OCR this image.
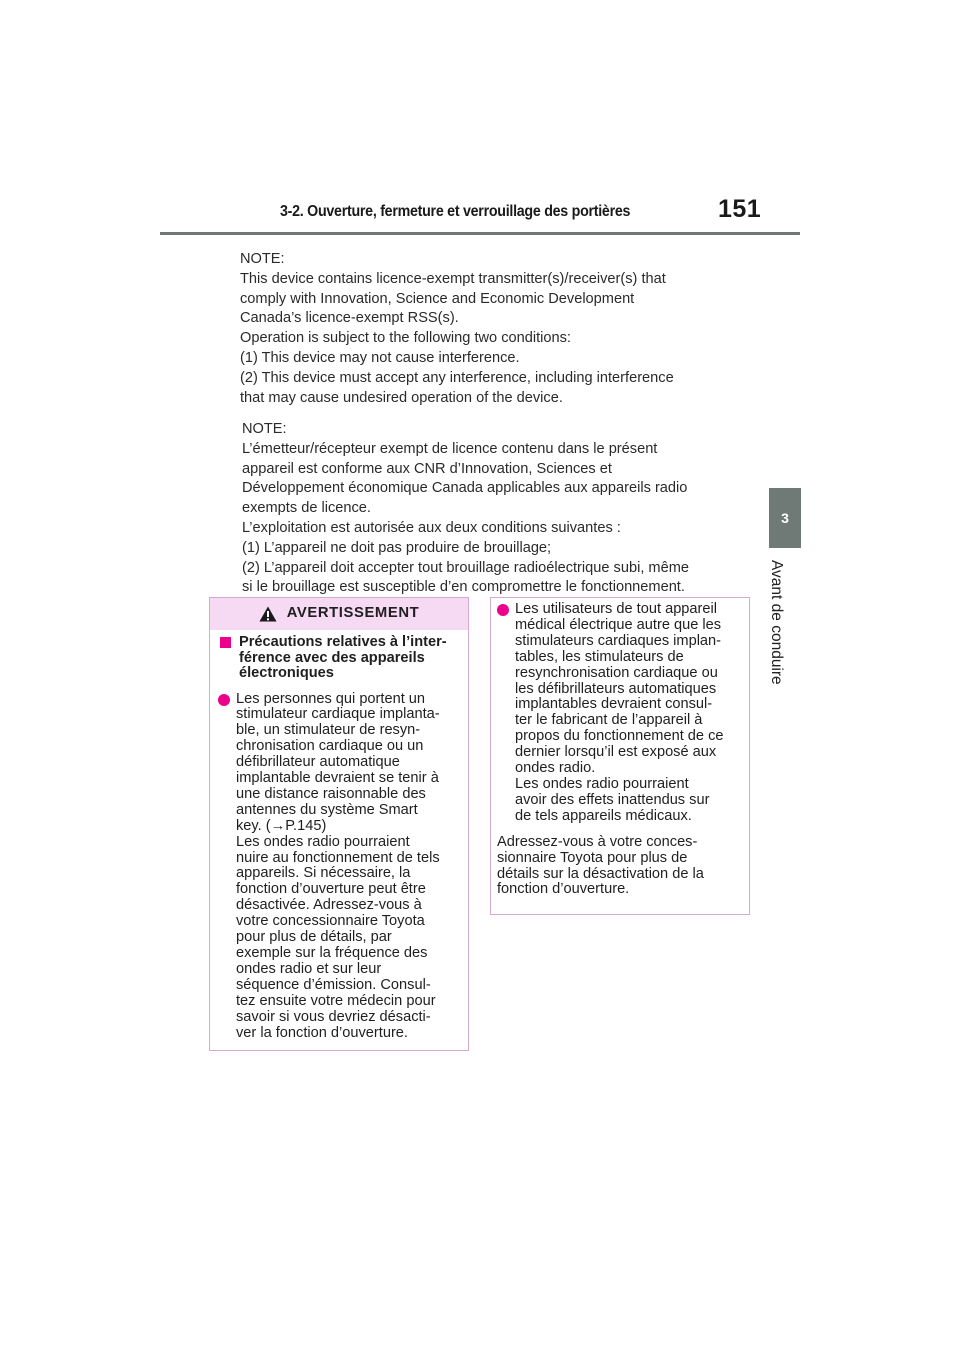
3-2. Ouverture, fermeture et verrouillage des portières	151
3
Avant de conduire

NOTE:

This device contains licence-exempt transmitter(s)/receiver(s) that

comply with Innovation, Science and Economic Development

Canada’s licence-exempt RSS(s).

Operation is subject to the following two conditions:

(1) This device may not cause interference.

(2) This device must accept any interference, including interference

that may cause undesired operation of the device.

NOTE:

L’émetteur/récepteur exempt de licence contenu dans le présent

appareil est conforme aux CNR d’Innovation, Sciences et

Développement économique Canada applicables aux appareils radio

exempts de licence.

L’exploitation est autorisée aux deux conditions suivantes :

(1) L’appareil ne doit pas produire de brouillage;

(2) L’appareil doit accepter tout brouillage radioélectrique subi, même

si le brouillage est susceptible d’en compromettre le fonctionnement.

AVERTISSEMENT
Précautions relatives à l’inter-
férence avec des appareils
électroniques
Les personnes qui portent un
stimulateur cardiaque implanta-
ble, un stimulateur de resyn-
chronisation cardiaque ou un
défibrillateur automatique
implantable devraient se tenir à
une distance raisonnable des
antennes du système Smart
key. (→P.145)
Les ondes radio pourraient
nuire au fonctionnement de tels
appareils. Si nécessaire, la
fonction d’ouverture peut être
désactivée. Adressez-vous à
votre concessionnaire Toyota
pour plus de détails, par
exemple sur la fréquence des
ondes radio et sur leur
séquence d’émission. Consul-
tez ensuite votre médecin pour
savoir si vous devriez désacti-
ver la fonction d’ouverture.
Les utilisateurs de tout appareil
médical électrique autre que les
stimulateurs cardiaques implan-
tables, les stimulateurs de
resynchronisation cardiaque ou
les défibrillateurs automatiques
implantables devraient consul-
ter le fabricant de l’appareil à
propos du fonctionnement de ce
dernier lorsqu’il est exposé aux
ondes radio.
Les ondes radio pourraient
avoir des effets inattendus sur
de tels appareils médicaux.
Adressez-vous à votre conces-
sionnaire Toyota pour plus de
détails sur la désactivation de la
fonction d’ouverture.
